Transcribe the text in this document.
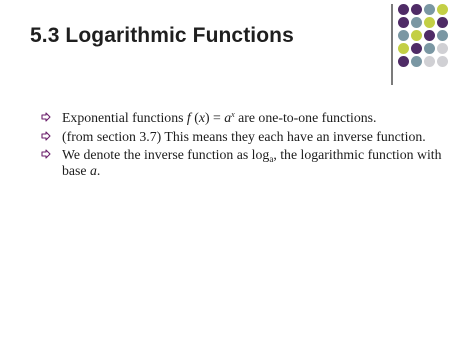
5.3 Logarithmic Functions
Exponential functions f $(x) = a^x$ are one-to-one functions.
(from section 3.7) This means they each have an inverse function.
We denote the inverse function as $\log_a$, the logarithmic function with base a.
